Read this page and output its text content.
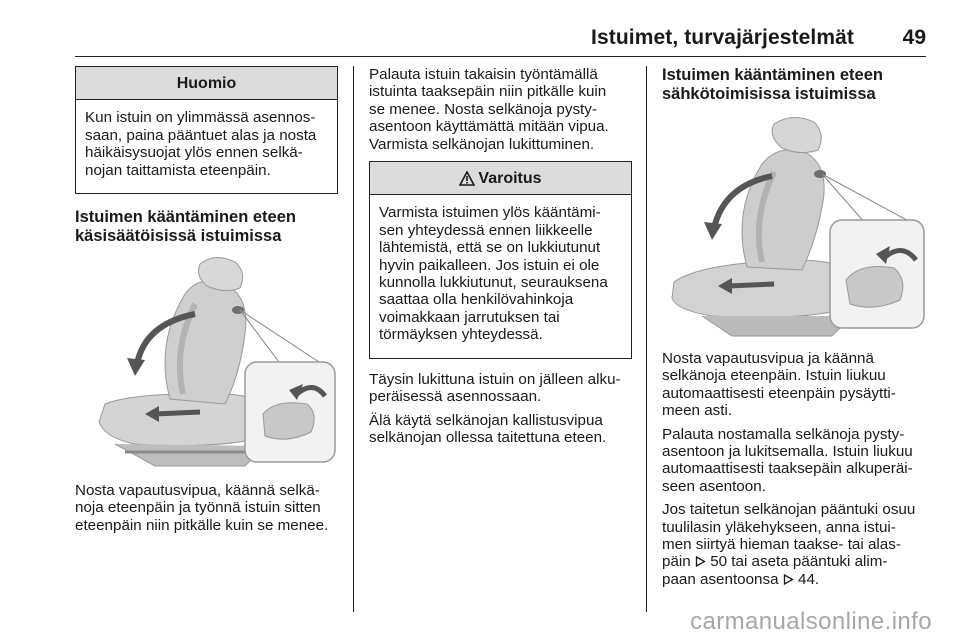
Istuimet, turvajärjestelmät 49
Huomio
Kun istuin on ylimmässä asennos-
saan, paina pääntuet alas ja nosta
häikäisysuojat ylös ennen selkä-
nojan taittamista eteenpäin.
Istuimen kääntäminen eteen
käsisäätöisissä istuimissa

Nosta vapautusvipua, käännä selkä-
noja eteenpäin ja työnnä istuin sitten
eteenpäin niin pitkälle kuin se menee.

Palauta istuin takaisin työntämällä
istuinta taaksepäin niin pitkälle kuin
se menee. Nosta selkänoja pysty-
asentoon käyttämättä mitään vipua.
Varmista selkänojan lukittuminen.

Varoitus
Varmista istuimen ylös kääntämi-
sen yhteydessä ennen liikkeelle
lähtemistä, että se on lukkiutunut
hyvin paikalleen. Jos istuin ei ole
kunnolla lukkiutunut, seurauksena
saattaa olla henkilövahinkoja
voimakkaan jarrutuksen tai
törmäyksen yhteydessä.

Täysin lukittuna istuin on jälleen alku-
peräisessä asennossaan.

Älä käytä selkänojan kallistusvipua
selkänojan ollessa taitettuna eteen.

Istuimen kääntäminen eteen
sähkötoimisissa istuimissa

Nosta vapautusvipua ja käännä
selkänoja eteenpäin. Istuin liukuu
automaattisesti eteenpäin pysäytti-
meen asti.

Palauta nostamalla selkänoja pysty-
asentoon ja lukitsemalla. Istuin liukuu
automaattisesti taaksepäin alkuperäi-
seen asentoon.

Jos taitetun selkänojan pääntuki osuu
tuulilasin yläkehykseen, anna istui-
men siirtyä hieman taakse- tai alas-
päin 50 tai aseta pääntuki alim-
paan asentoonsa 44.

carmanualsonline.info
